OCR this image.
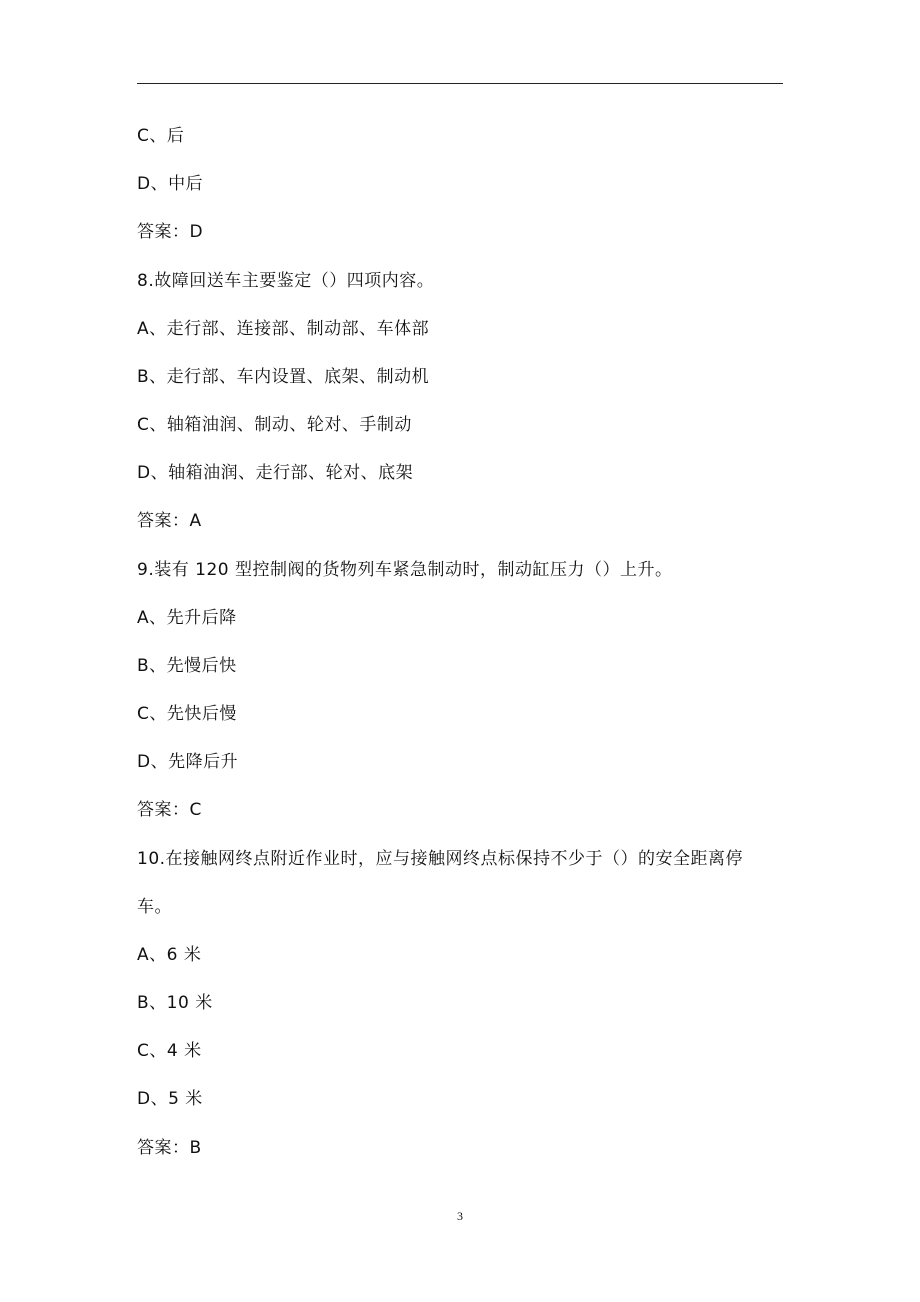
C、后
D、中后
答案：D
8.故障回送车主要鉴定（）四项内容。
A、走行部、连接部、制动部、车体部
B、走行部、车内设置、底架、制动机
C、轴箱油润、制动、轮对、手制动
D、轴箱油润、走行部、轮对、底架
答案：A
9.装有 120 型控制阀的货物列车紧急制动时，制动缸压力（）上升。
A、先升后降
B、先慢后快
C、先快后慢
D、先降后升
答案：C
10.在接触网终点附近作业时，应与接触网终点标保持不少于（）的安全距离停
车。
A、6 米
B、10 米
C、4 米
D、5 米
答案：B
3
